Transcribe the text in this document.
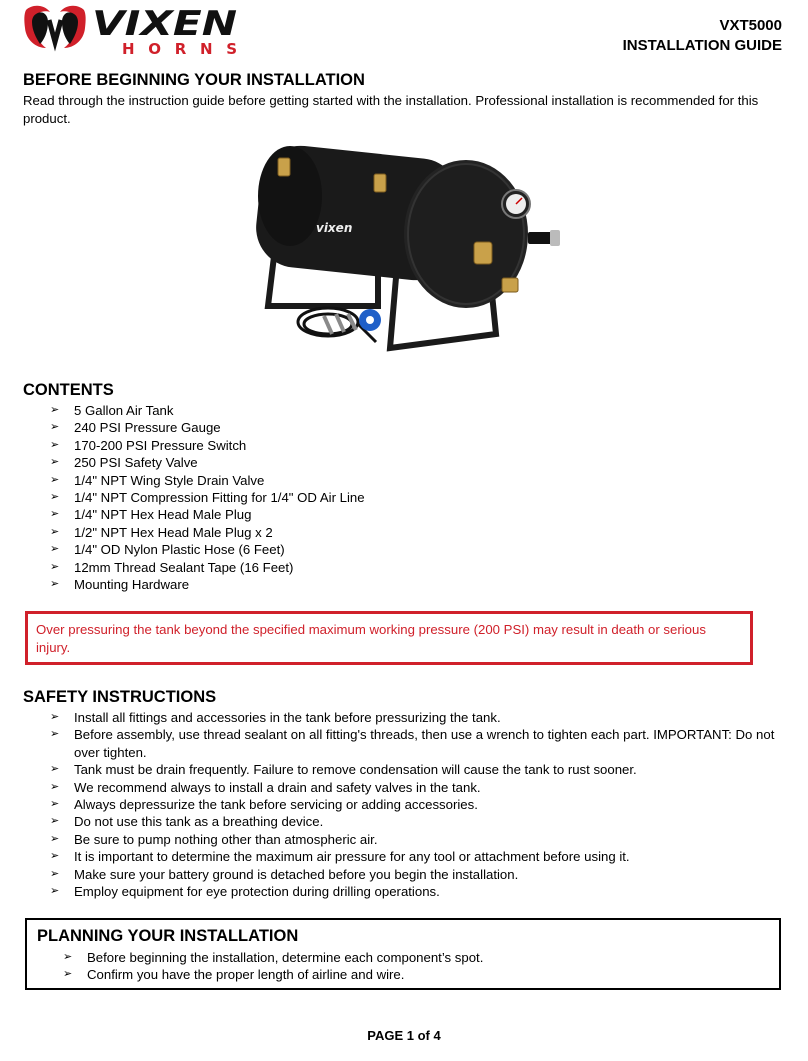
VIXEN
HORNS
VXT5000
INSTALLATION GUIDE
BEFORE BEGINNING YOUR INSTALLATION

Read through the instruction guide before getting started with the installation. Professional installation is recommended for this product.

vixen
CONTENTS
➢ 5 Gallon Air Tank
➢ 240 PSI Pressure Gauge
➢ 170-200 PSI Pressure Switch
➢ 250 PSI Safety Valve
➢ 1/4" NPT Wing Style Drain Valve
➢ 1/4" NPT Compression Fitting for 1/4" OD Air Line
➢ 1/4" NPT Hex Head Male Plug
➢ 1/2" NPT Hex Head Male Plug x 2
➢ 1/4" OD Nylon Plastic Hose (6 Feet)
➢ 12mm Thread Sealant Tape (16 Feet)
➢ Mounting Hardware

Over pressuring the tank beyond the specified maximum working pressure (200 PSI) may result in death or serious injury.

SAFETY INSTRUCTIONS
➢ Install all fittings and accessories in the tank before pressurizing the tank.
➢ Before assembly, use thread sealant on all fitting's threads, then use a wrench to tighten each part. IMPORTANT: Do not over tighten.
➢ Tank must be drain frequently. Failure to remove condensation will cause the tank to rust sooner.
➢ We recommend always to install a drain and safety valves in the tank.
➢ Always depressurize the tank before servicing or adding accessories.
➢ Do not use this tank as a breathing device.
➢ Be sure to pump nothing other than atmospheric air.
➢ It is important to determine the maximum air pressure for any tool or attachment before using it.
➢ Make sure your battery ground is detached before you begin the installation.
➢ Employ equipment for eye protection during drilling operations.
PLANNING YOUR INSTALLATION
➢ Before beginning the installation, determine each component’s spot.
➢ Confirm you have the proper length of airline and wire.
PAGE 1 of 4
